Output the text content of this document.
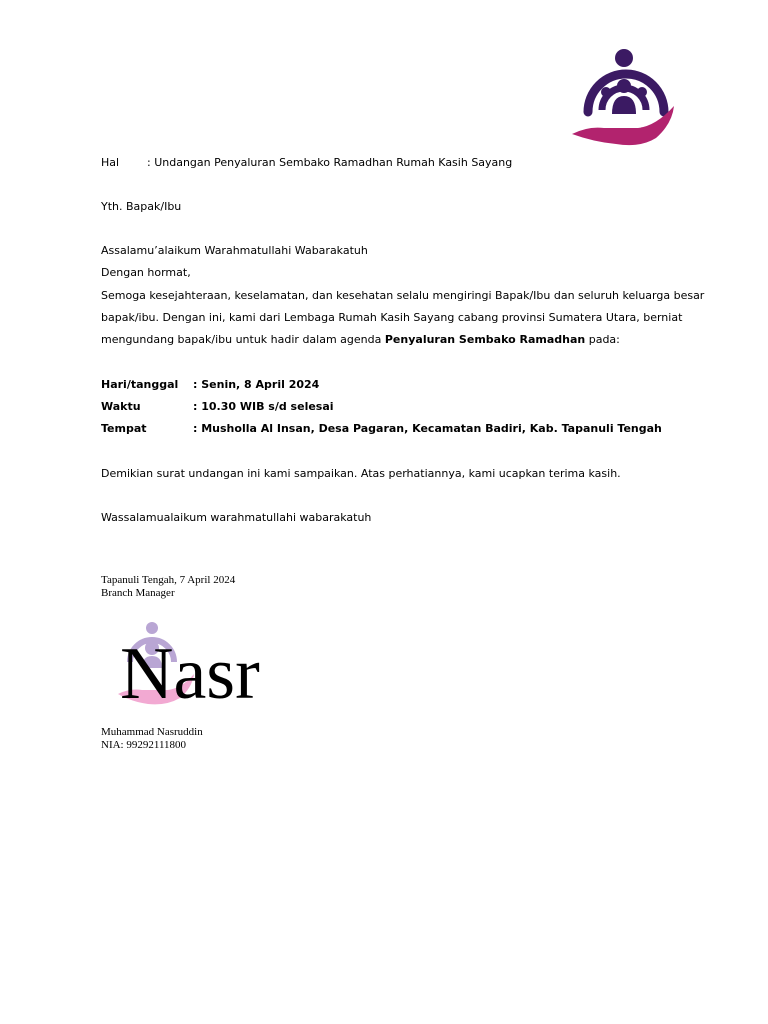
Hal	: Undangan Penyaluran Sembako Ramadhan Rumah Kasih Sayang
Yth. Bapak/Ibu
Assalamu’alaikum Warahmatullahi Wabarakatuh
Dengan hormat,
Semoga kesejahteraan, keselamatan, dan kesehatan selalu mengiringi Bapak/Ibu dan seluruh keluarga besar
bapak/ibu. Dengan ini, kami dari Lembaga Rumah Kasih Sayang cabang provinsi Sumatera Utara, berniat
mengundang bapak/ibu untuk hadir dalam agenda Penyaluran Sembako Ramadhan pada:
Hari/tanggal : Senin, 8 April 2024
Waktu	: 10.30 WIB s/d selesai
Tempat	: Musholla Al Insan, Desa Pagaran, Kecamatan Badiri, Kab. Tapanuli Tengah
Demikian surat undangan ini kami sampaikan. Atas perhatiannya, kami ucapkan terima kasih.
Wassalamualaikum warahmatullahi wabarakatuh
Tapanuli Tengah, 7 April 2024
Branch Manager
Nasr
Muhammad Nasruddin
NIA: 99292111800
